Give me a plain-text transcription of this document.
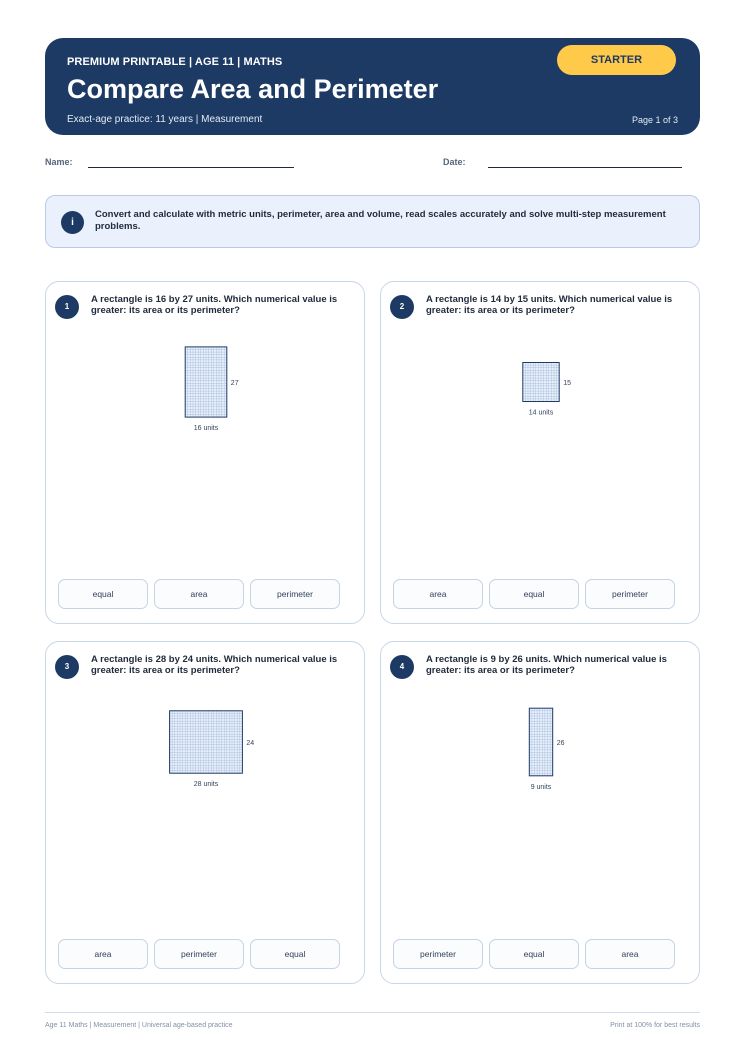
PREMIUM PRINTABLE | AGE 11 | MATHS
Compare Area and Perimeter
Exact-age practice: 11 years | Measurement	Page 1 of 3
STARTER
Name:	Date:
i
Convert and calculate with metric units, perimeter, area and volume, read scales accurately and solve multi-step measurement problems.
1
A rectangle is 16 by 27 units. Which numerical value is greater: its area or its perimeter?
16 units
27
equal	area	perimeter
2
A rectangle is 14 by 15 units. Which numerical value is greater: its area or its perimeter?
14 units
15
area	equal	perimeter
3
A rectangle is 28 by 24 units. Which numerical value is greater: its area or its perimeter?
28 units
24
area	perimeter	equal
4
A rectangle is 9 by 26 units. Which numerical value is greater: its area or its perimeter?
9 units
26
perimeter	equal	area
Age 11 Maths | Measurement | Universal age-based practice	Print at 100% for best results
